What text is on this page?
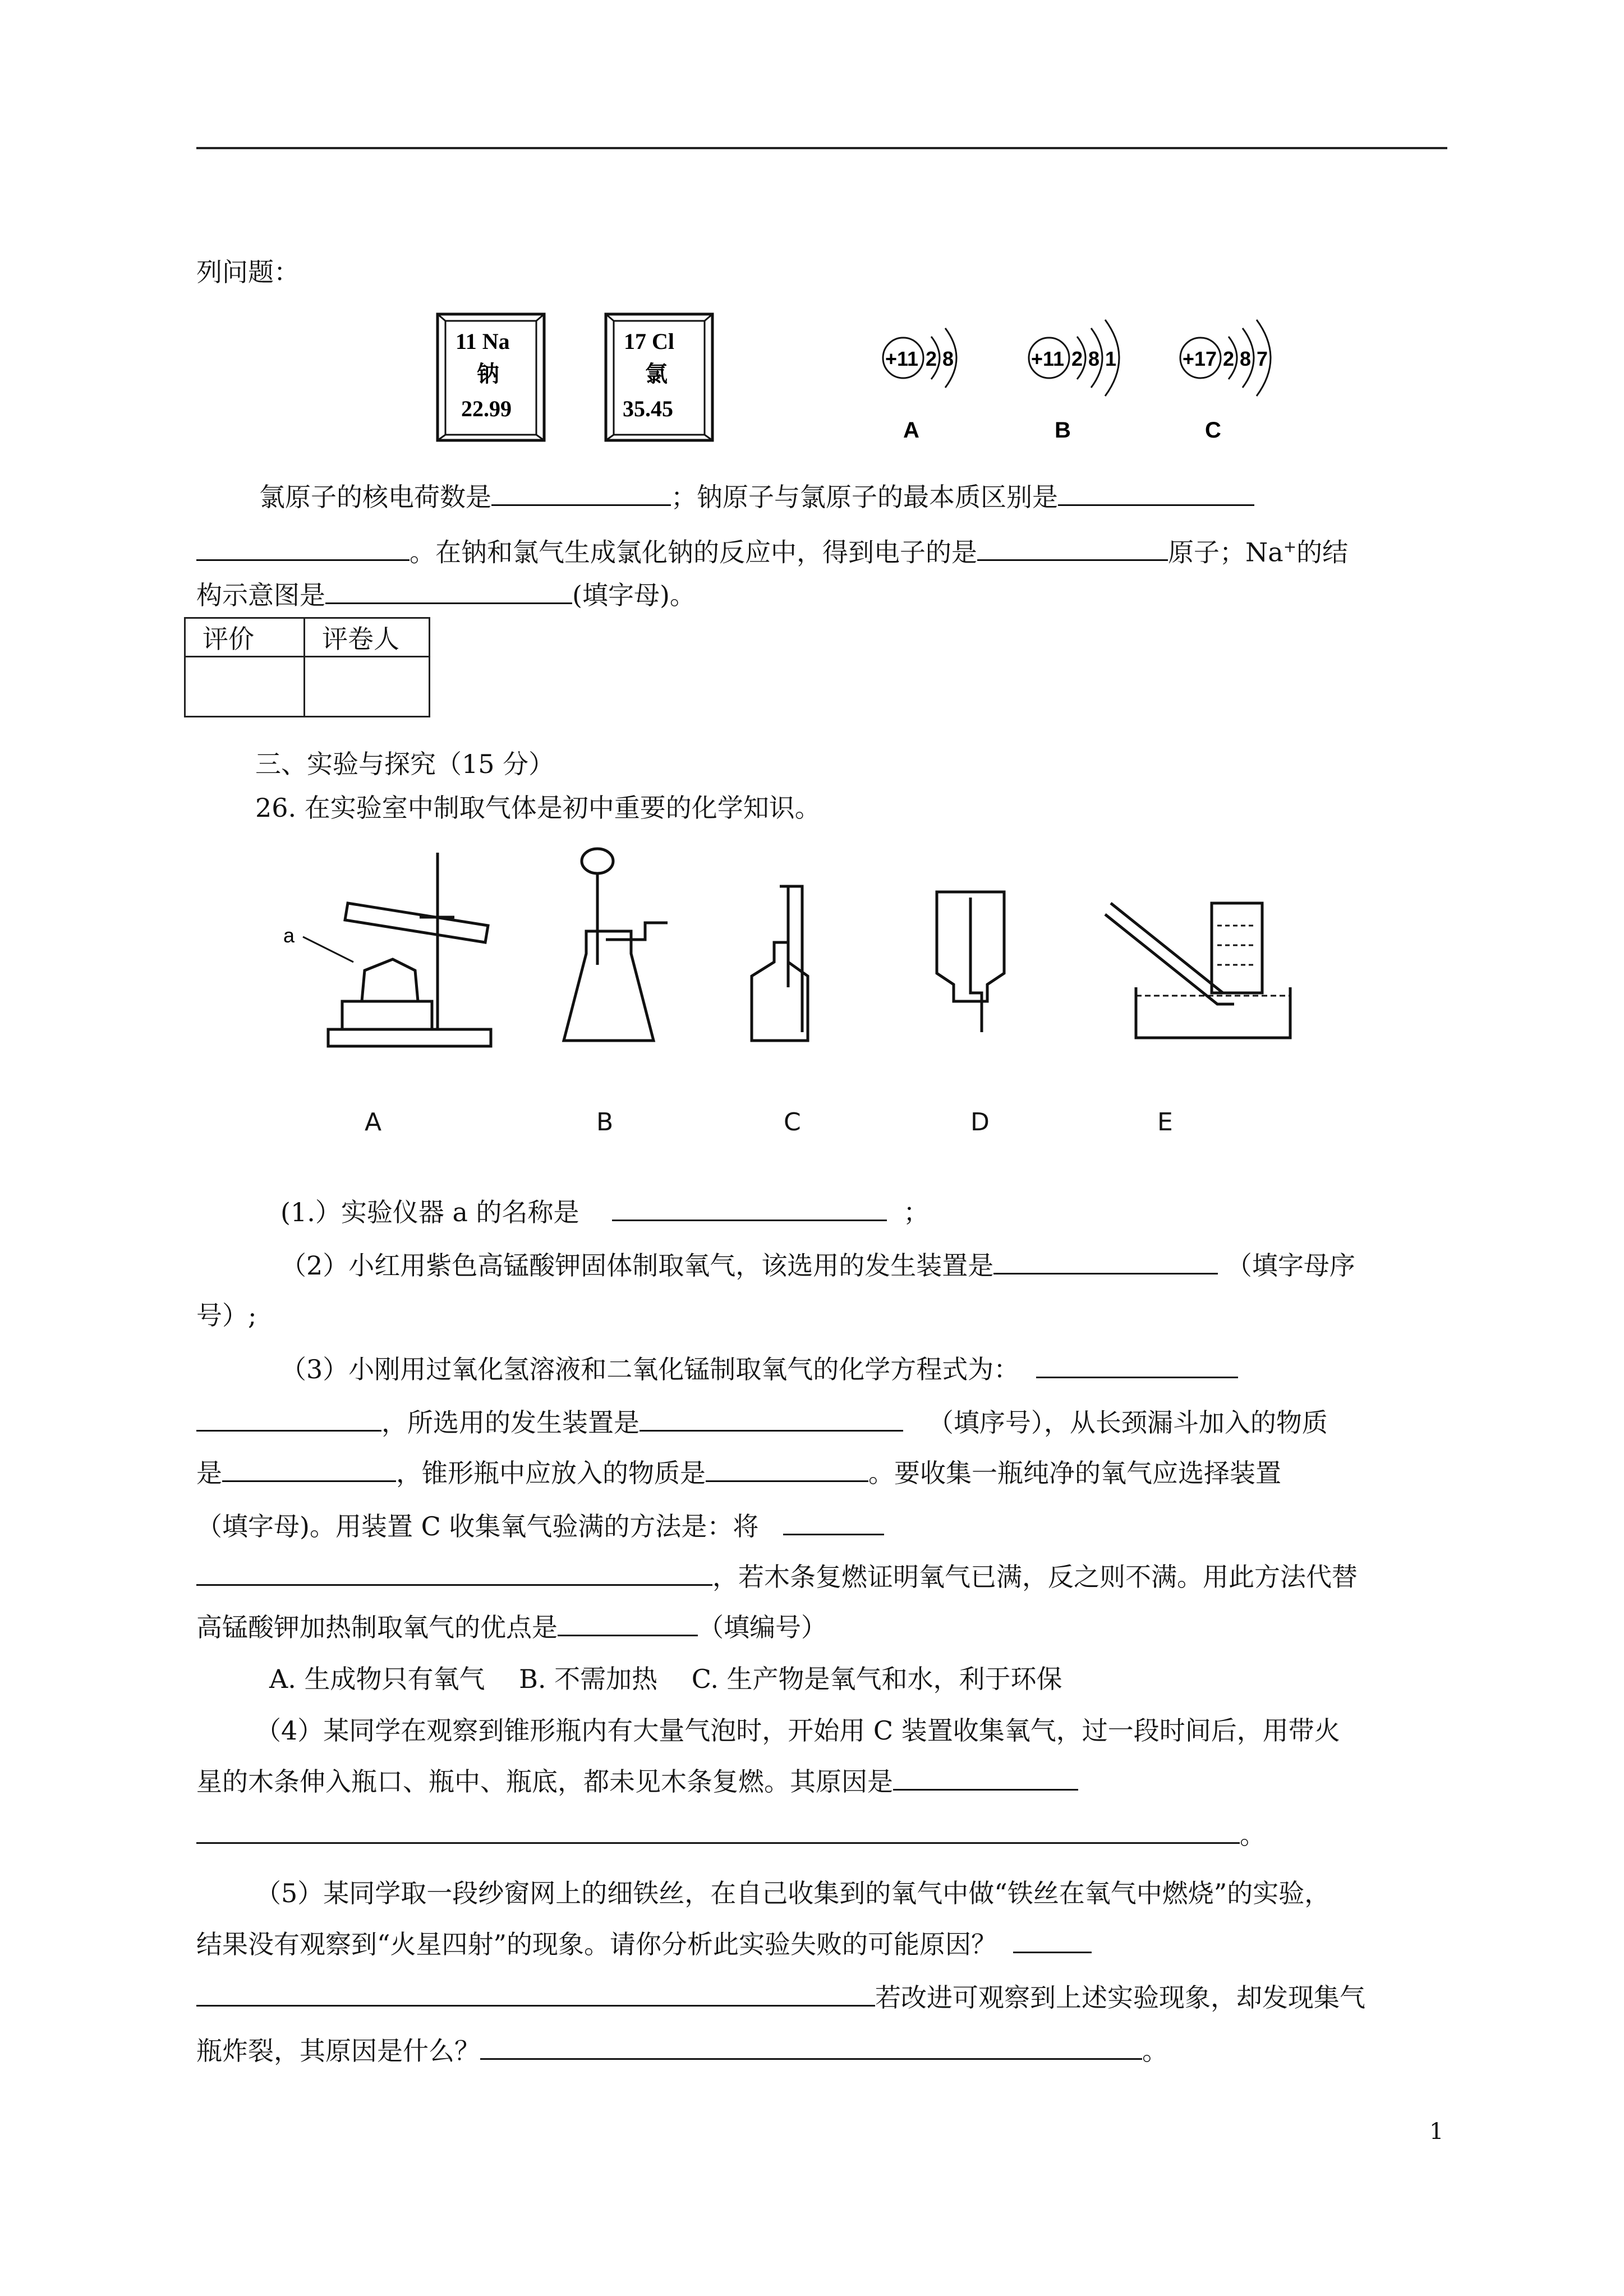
列问题：
11 Na
钠
22.99
17 Cl
氯
35.45
+11 2 8
A
+11 2 8 1
B
+17 2 8 7
C
氯原子的核电荷数是	；钠原子与氯原子的最本质区别是
。在钠和氯气生成氯化钠的反应中，得到电子的是	原子；Na+的结
构示意图是	(填字母)。
评价	评卷人

三、实验与探究（15 分）
26. 在实验室中制取气体是初中重要的化学知识。
a
A	B	C	D	E
(1.）实验仪器 a 的名称是	；
（2）小红用紫色高锰酸钾固体制取氧气，该选用的发生装置是	（填字母序
号）;
（3）小刚用过氧化氢溶液和二氧化锰制取氧气的化学方程式为：
，所选用的发生装置是	（填序号），从长颈漏斗加入的物质
是	，锥形瓶中应放入的物质是	。要收集一瓶纯净的氧气应选择装置
（填字母)。用装置 C 收集氧气验满的方法是：将
，若木条复燃证明氧气已满，反之则不满。用此方法代替
高锰酸钾加热制取氧气的优点是	（填编号）
A. 生成物只有氧气　 B. 不需加热　 C. 生产物是氧气和水，利于环保
（4）某同学在观察到锥形瓶内有大量气泡时，开始用 C 装置收集氧气，过一段时间后，用带火
星的木条伸入瓶口、瓶中、瓶底，都未见木条复燃。其原因是
。
（5）某同学取一段纱窗网上的细铁丝，在自己收集到的氧气中做“铁丝在氧气中燃烧”的实验，
结果没有观察到“火星四射”的现象。请你分析此实验失败的可能原因？
若改进可观察到上述实验现象，却发现集气
瓶炸裂，其原因是什么？	。
1
